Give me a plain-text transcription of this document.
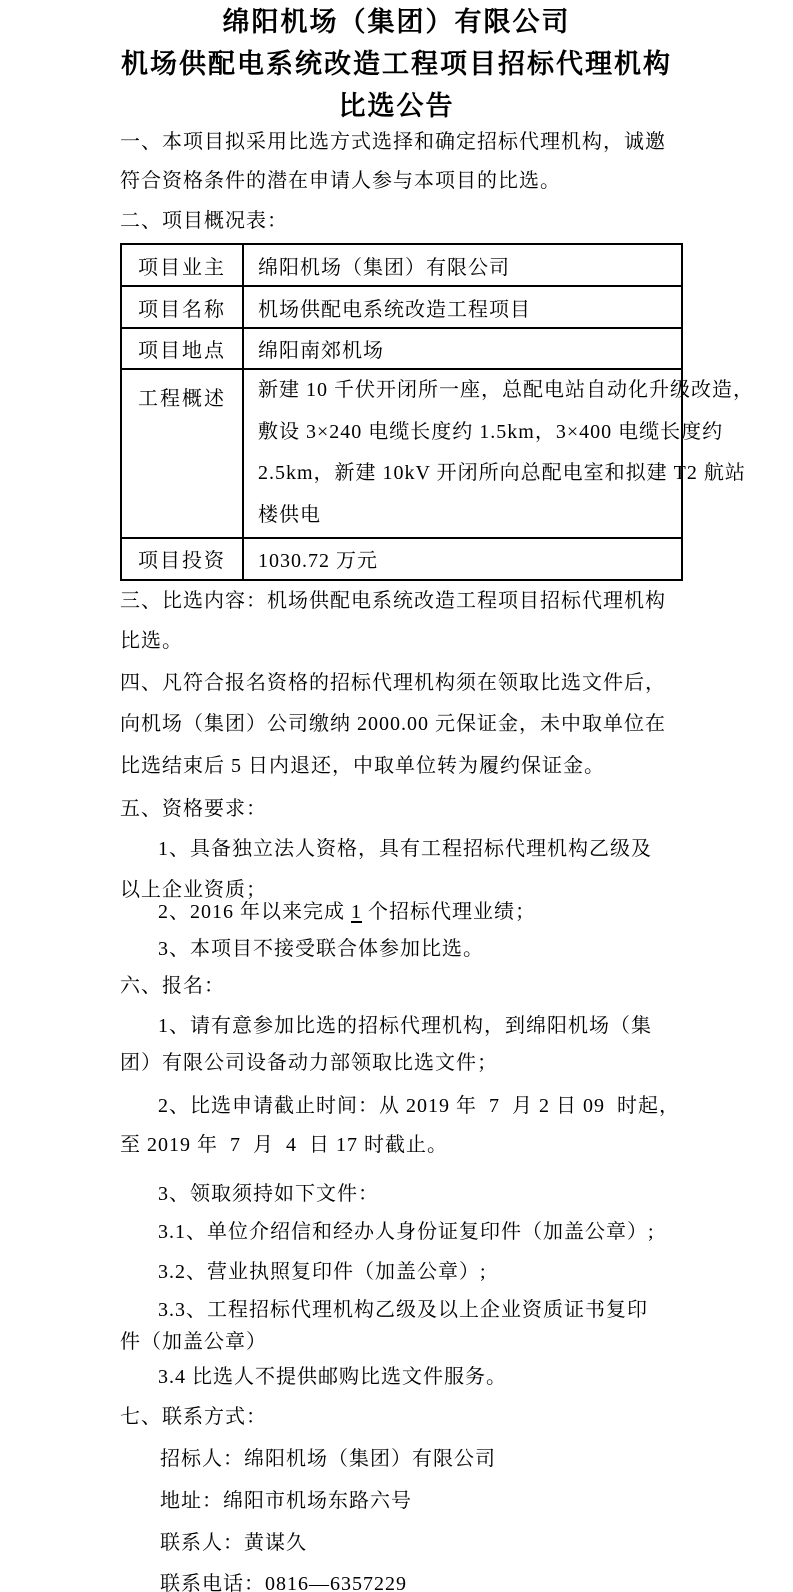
绵阳机场（集团）有限公司
机场供配电系统改造工程项目招标代理机构
比选公告
一、本项目拟采用比选方式选择和确定招标代理机构，诚邀
符合资格条件的潜在申请人参与本项目的比选。
二、项目概况表：
项目业主	绵阳机场（集团）有限公司
项目名称	机场供配电系统改造工程项目
项目地点	绵阳南郊机场
工程概述	新建 10 千伏开闭所一座，总配电站自动化升级改造，
敷设 3×240 电缆长度约 1.5km，3×400 电缆长度约
2.5km，新建 10kV 开闭所向总配电室和拟建 T2 航站
楼供电

项目投资	1030.72 万元
三、比选内容：机场供配电系统改造工程项目招标代理机构
比选。
四、凡符合报名资格的招标代理机构须在领取比选文件后，
向机场（集团）公司缴纳 2000.00 元保证金，未中取单位在
比选结束后 5 日内退还，中取单位转为履约保证金。
五、资格要求：
1、具备独立法人资格，具有工程招标代理机构乙级及
以上企业资质；
2、2016 年以来完成 1 个招标代理业绩；
3、本项目不接受联合体参加比选。
六、报名：
1、请有意参加比选的招标代理机构，到绵阳机场（集
团）有限公司设备动力部领取比选文件；
2、比选申请截止时间：从 2019 年  7  月 2 日 09  时起，
至 2019 年  7  月  4  日 17 时截止。
3、领取须持如下文件：
3.1、单位介绍信和经办人身份证复印件（加盖公章）;
3.2、营业执照复印件（加盖公章）;
3.3、工程招标代理机构乙级及以上企业资质证书复印
件（加盖公章）
3.4 比选人不提供邮购比选文件服务。
七、联系方式：
招标人：绵阳机场（集团）有限公司
地址：绵阳市机场东路六号
联系人：黄谋久
联系电话：0816—6357229
